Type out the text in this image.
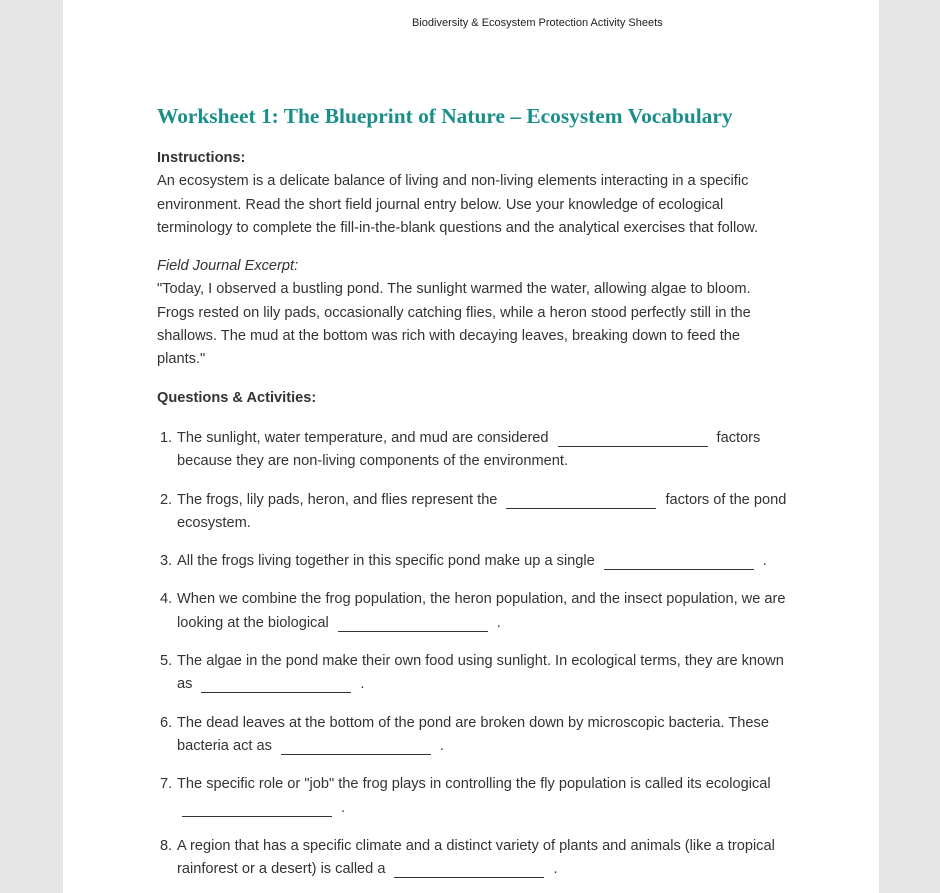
Biodiversity & Ecosystem Protection Activity Sheets
Worksheet 1: The Blueprint of Nature – Ecosystem Vocabulary
Instructions:

An ecosystem is a delicate balance of living and non-living elements interacting in a specific environment. Read the short field journal entry below. Use your knowledge of ecological terminology to complete the fill-in-the-blank questions and the analytical exercises that follow.

Field Journal Excerpt:

"Today, I observed a bustling pond. The sunlight warmed the water, allowing algae to bloom. Frogs rested on lily pads, occasionally catching flies, while a heron stood perfectly still in the shallows. The mud at the bottom was rich with decaying leaves, breaking down to feed the plants."

Questions & Activities:
1. The sunlight, water temperature, and mud are considered	factors because they are non-living components of the environment.
2. The frogs, lily pads, heron, and flies represent the	factors of the pond ecosystem.
3. All the frogs living together in this specific pond make up a single	.
4. When we combine the frog population, the heron population, and the insect population, we are looking at the biological	.
5. The algae in the pond make their own food using sunlight. In ecological terms, they are known as	.
6. The dead leaves at the bottom of the pond are broken down by microscopic bacteria. These bacteria act as	.
7. The specific role or "job" the frog plays in controlling the fly population is called its ecological.
8. A region that has a specific climate and a distinct variety of plants and animals (like a tropical rainforest or a desert) is called a	.
